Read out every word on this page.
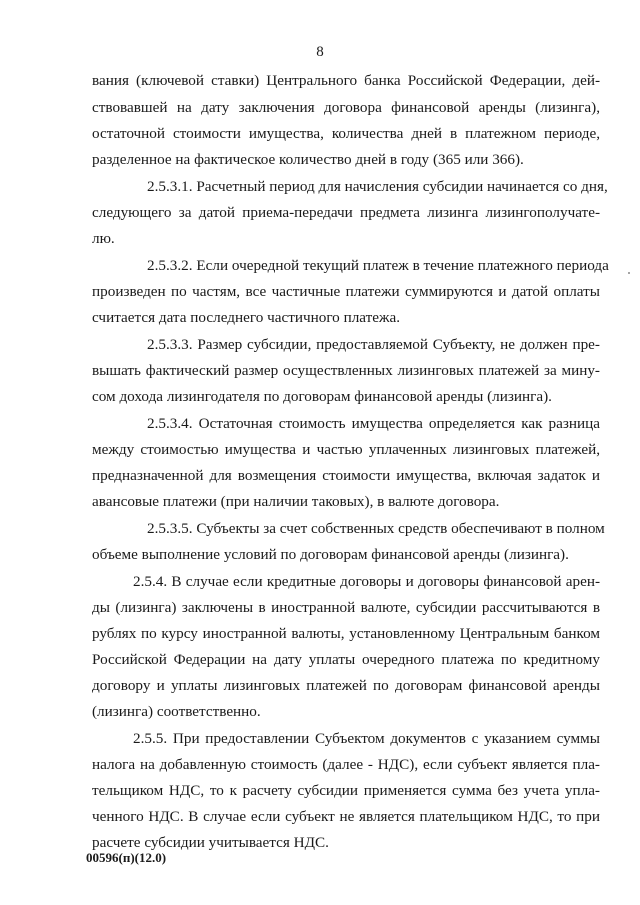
8
вания (ключевой ставки) Центрального банка Российской Федерации, дей-
ствовавшей на дату заключения договора финансовой аренды (лизинга),
остаточной стоимости имущества, количества дней в платежном периоде,
разделенное на фактическое количество дней в году (365 или 366).
2.5.3.1. Расчетный период для начисления субсидии начинается со дня,
следующего за датой приема-передачи предмета лизинга лизингополучате-
лю.
2.5.3.2. Если очередной текущий платеж в течение платежного периода
произведен по частям, все частичные платежи суммируются и датой оплаты
считается дата последнего частичного платежа.
2.5.3.3. Размер субсидии, предоставляемой Субъекту, не должен пре-
вышать фактический размер осуществленных лизинговых платежей за мину-
сом дохода лизингодателя по договорам финансовой аренды (лизинга).
2.5.3.4. Остаточная стоимость имущества определяется как разница
между стоимостью имущества и частью уплаченных лизинговых платежей,
предназначенной для возмещения стоимости имущества, включая задаток и
авансовые платежи (при наличии таковых), в валюте договора.
2.5.3.5. Субъекты за счет собственных средств обеспечивают в полном
объеме выполнение условий по договорам финансовой аренды (лизинга).
2.5.4. В случае если кредитные договоры и договоры финансовой арен-
ды (лизинга) заключены в иностранной валюте, субсидии рассчитываются в
рублях по курсу иностранной валюты, установленному Центральным банком
Российской Федерации на дату уплаты очередного платежа по кредитному
договору и уплаты лизинговых платежей по договорам финансовой аренды
(лизинга) соответственно.
2.5.5. При предоставлении Субъектом документов с указанием суммы
налога на добавленную стоимость (далее - НДС), если субъект является пла-
тельщиком НДС, то к расчету субсидии применяется сумма без учета упла-
ченного НДС. В случае если субъект не является плательщиком НДС, то при
расчете субсидии учитывается НДС.
00596(п)(12.0)
